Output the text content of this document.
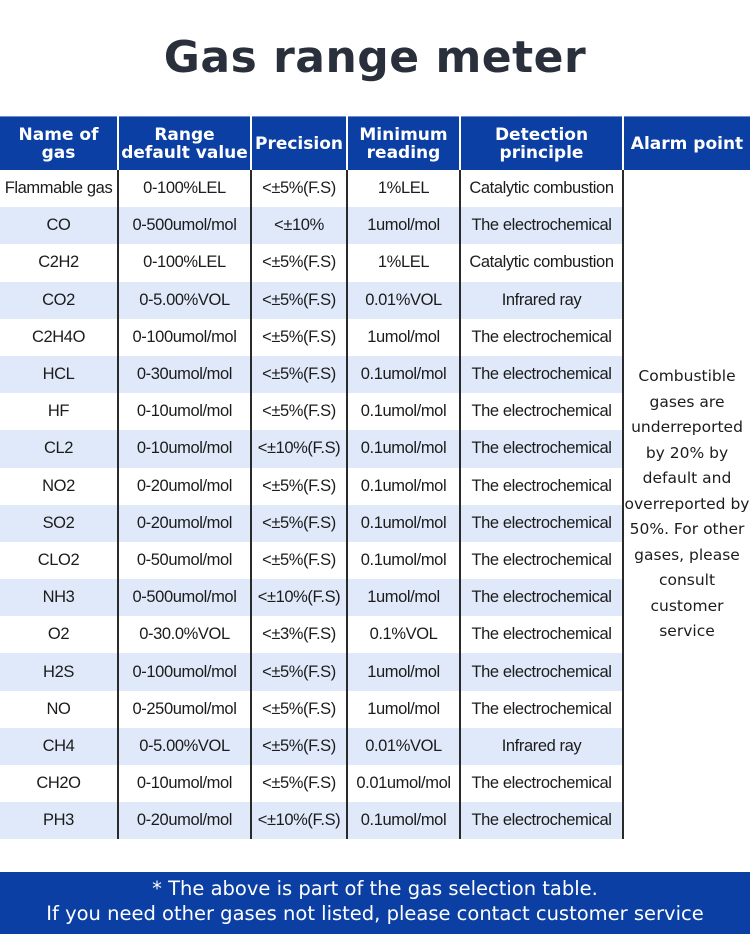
Gas range meter
Name of gas	Range default value	Precision	Minimum reading	Detection principle	Alarm point
Flammable gas	0-100%LEL	<±5%(F.S)	1%LEL	Catalytic combustion	Combustible gases are underreported by 20% by default and overreported by 50%. For other gases, please consult customer service
CO	0-500umol/mol	<±10%	1umol/mol	The electrochemical	
C2H2	0-100%LEL	<±5%(F.S)	1%LEL	Catalytic combustion	
CO2	0-5.00%VOL	<±5%(F.S)	0.01%VOL	Infrared ray	
C2H4O	0-100umol/mol	<±5%(F.S)	1umol/mol	The electrochemical	
HCL	0-30umol/mol	<±5%(F.S)	0.1umol/mol	The electrochemical	
HF	0-10umol/mol	<±5%(F.S)	0.1umol/mol	The electrochemical	
CL2	0-10umol/mol	<±10%(F.S)	0.1umol/mol	The electrochemical	
NO2	0-20umol/mol	<±5%(F.S)	0.1umol/mol	The electrochemical	
SO2	0-20umol/mol	<±5%(F.S)	0.1umol/mol	The electrochemical	
CLO2	0-50umol/mol	<±5%(F.S)	0.1umol/mol	The electrochemical	
NH3	0-500umol/mol	<±10%(F.S)	1umol/mol	The electrochemical	
O2	0-30.0%VOL	<±3%(F.S)	0.1%VOL	The electrochemical	
H2S	0-100umol/mol	<±5%(F.S)	1umol/mol	The electrochemical	
NO	0-250umol/mol	<±5%(F.S)	1umol/mol	The electrochemical	
CH4	0-5.00%VOL	<±5%(F.S)	0.01%VOL	Infrared ray	
CH2O	0-10umol/mol	<±5%(F.S)	0.01umol/mol	The electrochemical	
PH3	0-20umol/mol	<±10%(F.S)	0.1umol/mol	The electrochemical	
* The above is part of the gas selection table.
If you need other gases not listed, please contact customer service
